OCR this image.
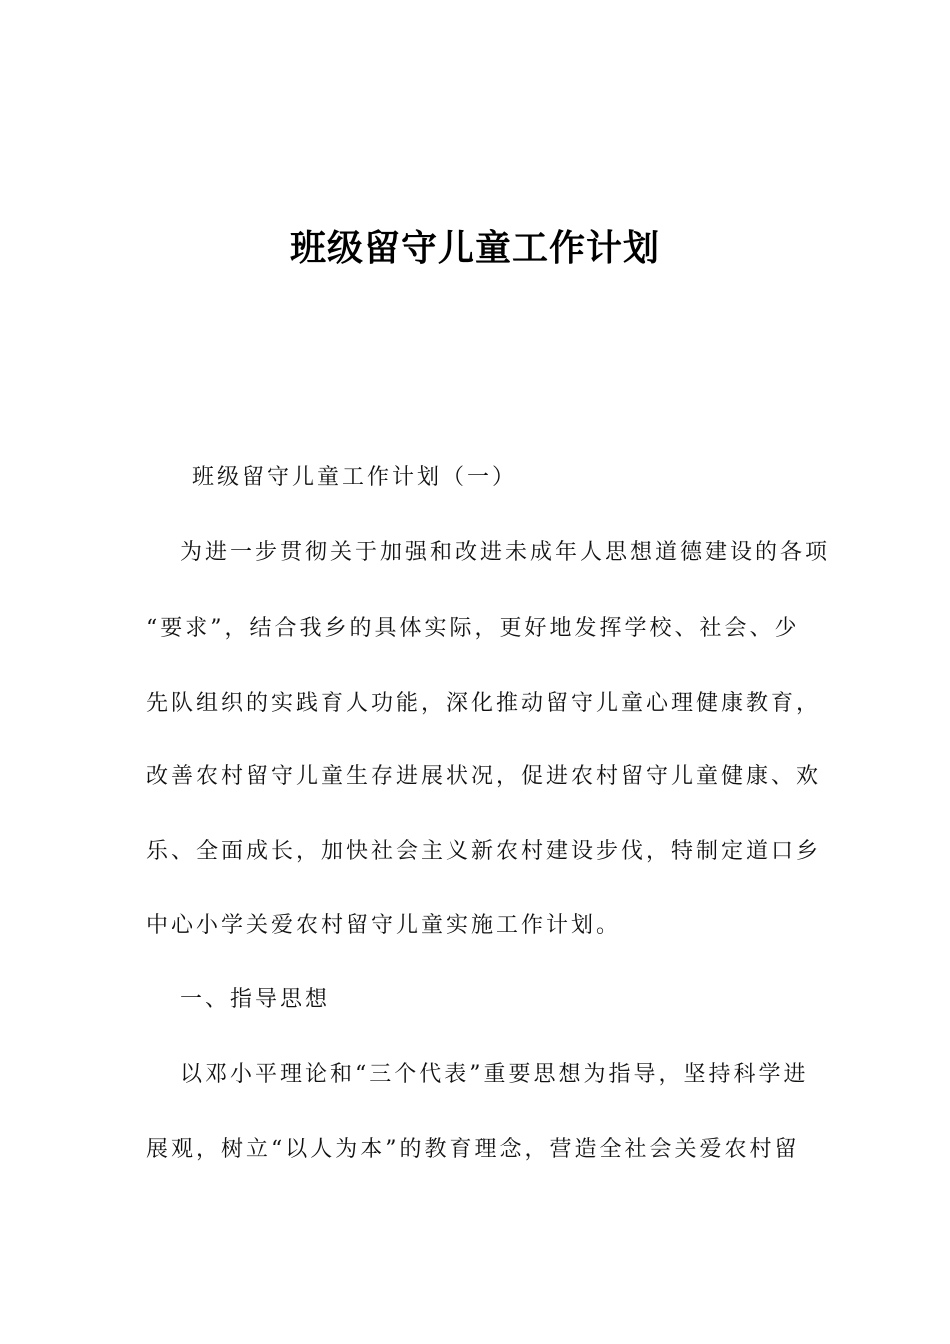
班级留守儿童工作计划

班级留守儿童工作计划（一）

为进一步贯彻关于加强和改进未成年人思想道德建设的各项

“要求”，结合我乡的具体实际，更好地发挥学校、社会、少

先队组织的实践育人功能，深化推动留守儿童心理健康教育，

改善农村留守儿童生存进展状况，促进农村留守儿童健康、欢

乐、全面成长，加快社会主义新农村建设步伐，特制定道口乡

中心小学关爱农村留守儿童实施工作计划。

一、指导思想

以邓小平理论和“三个代表”重要思想为指导，坚持科学进

展观，树立“以人为本”的教育理念，营造全社会关爱农村留
